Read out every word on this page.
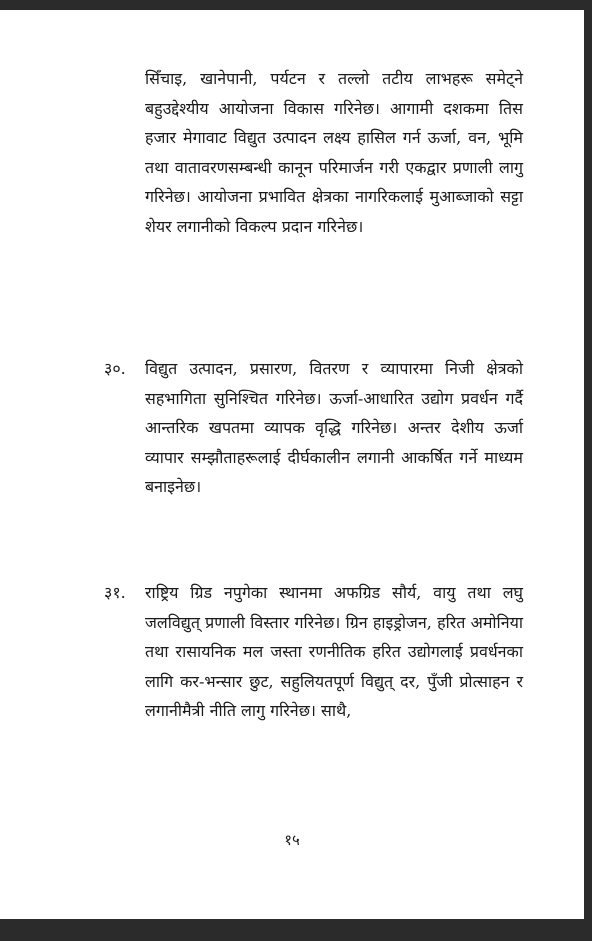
सिँचाइ, खानेपानी, पर्यटन र तल्लो तटीय लाभहरू समेट्ने बहुउद्देश्यीय आयोजना विकास गरिनेछ। आगामी दशकमा तिस हजार मेगावाट विद्युत उत्पादन लक्ष्य हासिल गर्न ऊर्जा, वन, भूमि तथा वातावरणसम्बन्धी कानून परिमार्जन गरी एकद्वार प्रणाली लागु गरिनेछ। आयोजना प्रभावित क्षेत्रका नागरिकलाई मुआब्जाको सट्टा शेयर लगानीको विकल्प प्रदान गरिनेछ।

३०. विद्युत उत्पादन, प्रसारण, वितरण र व्यापारमा निजी क्षेत्रको सहभागिता सुनिश्चित गरिनेछ। ऊर्जा-आधारित उद्योग प्रवर्धन गर्दै आन्तरिक खपतमा व्यापक वृद्धि गरिनेछ। अन्तर देशीय ऊर्जा व्यापार सम्झौताहरूलाई दीर्घकालीन लगानी आकर्षित गर्ने माध्यम बनाइनेछ।

३१. राष्ट्रिय ग्रिड नपुगेका स्थानमा अफग्रिड सौर्य, वायु तथा लघु जलविद्युत् प्रणाली विस्तार गरिनेछ। ग्रिन हाइड्रोजन, हरित अमोनिया तथा रासायनिक मल जस्ता रणनीतिक हरित उद्योगलाई प्रवर्धनका लागि कर-भन्सार छुट, सहुलियतपूर्ण विद्युत् दर, पुँजी प्रोत्साहन र लगानीमैत्री नीति लागु गरिनेछ। साथै,

१५
